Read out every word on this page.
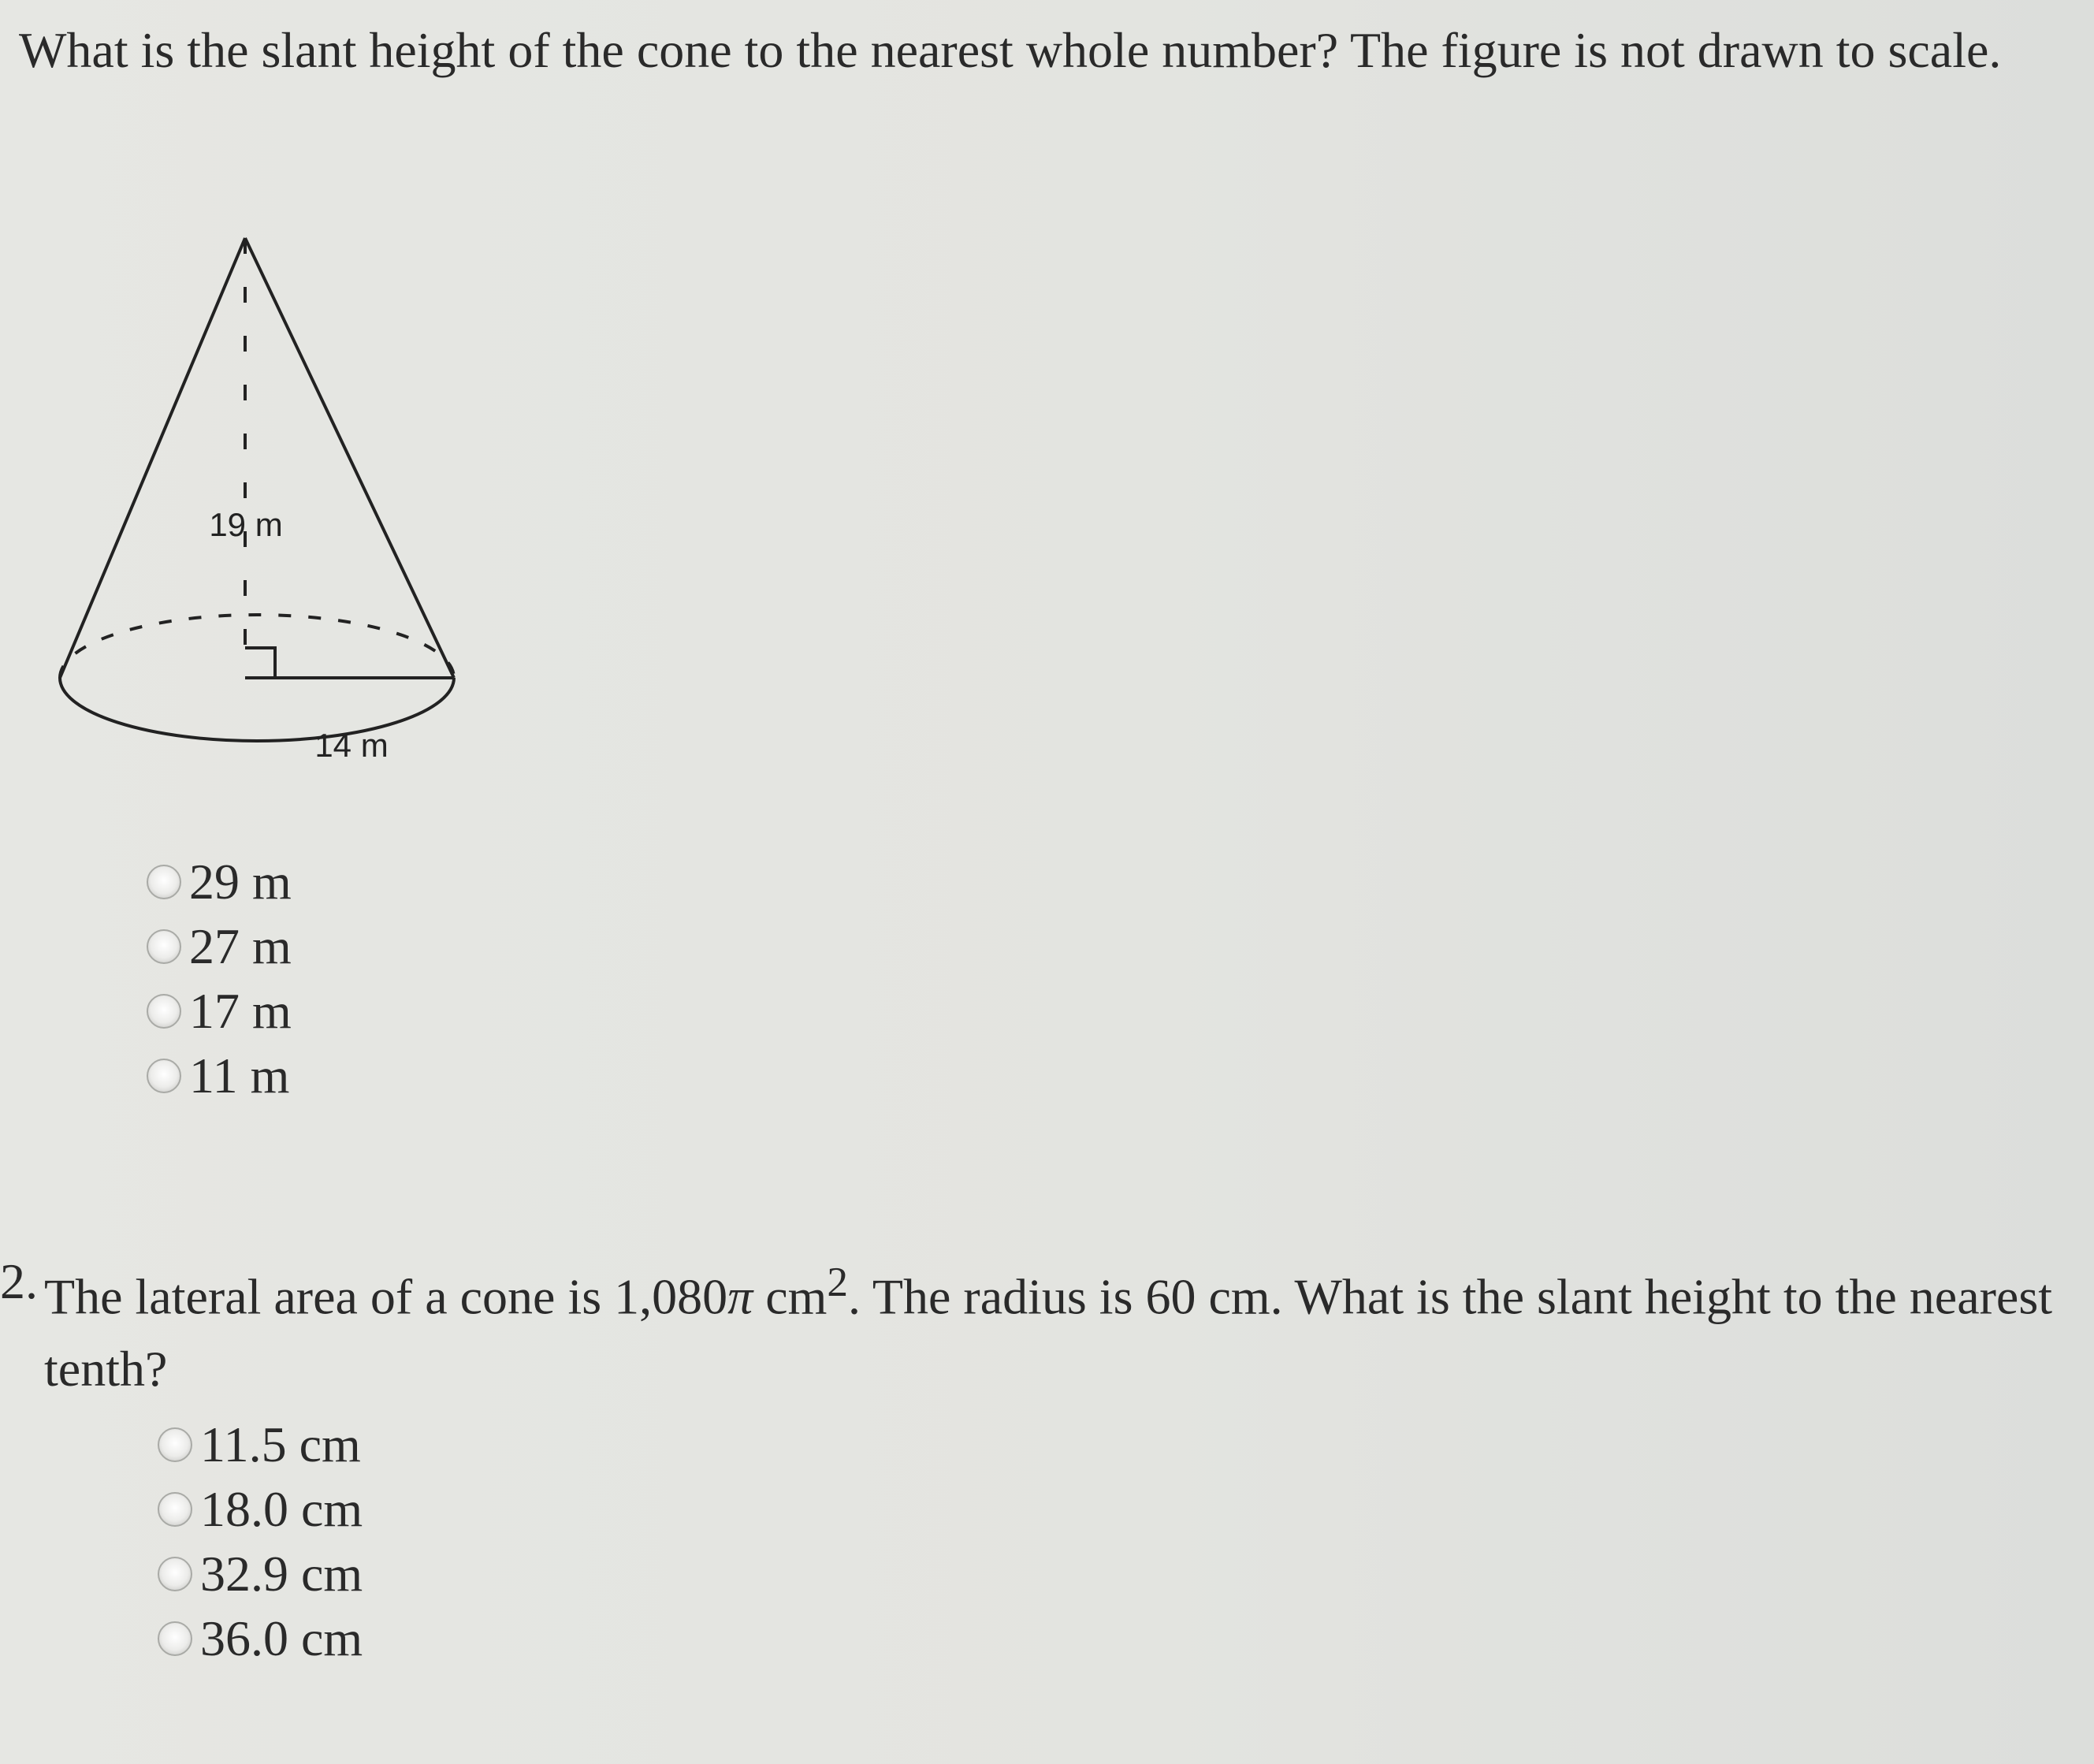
What is the slant height of the cone to the nearest whole number? The figure is not drawn to scale.

19 m
14 m
29 m
27 m
17 m
11 m

2. The lateral area of a cone is 1,080π $cm^2$. The radius is 60 cm. What is the slant height to the nearest tenth?

11.5 cm
18.0 cm
32.9 cm
36.0 cm
